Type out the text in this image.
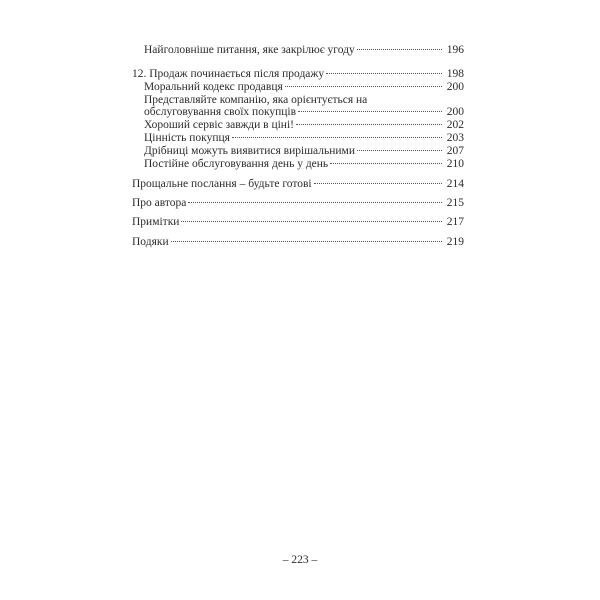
Найголовніше питання, яке закрілює угоду	196
12. Продаж починається після продажу	198
Моральний кодекс продавця	200
Представляйте компанію, яка орієнтується на
обслуговування своїх покупців	200
Хороший сервіс завжди в ціні!	202
Цінність покупця	203
Дрібниці можуть виявитися вирішальними	207
Постійне обслуговування день у день	210
Прощальне послання – будьте готові	214
Про автора	215
Примітки	217
Подяки	219
– 223 –
